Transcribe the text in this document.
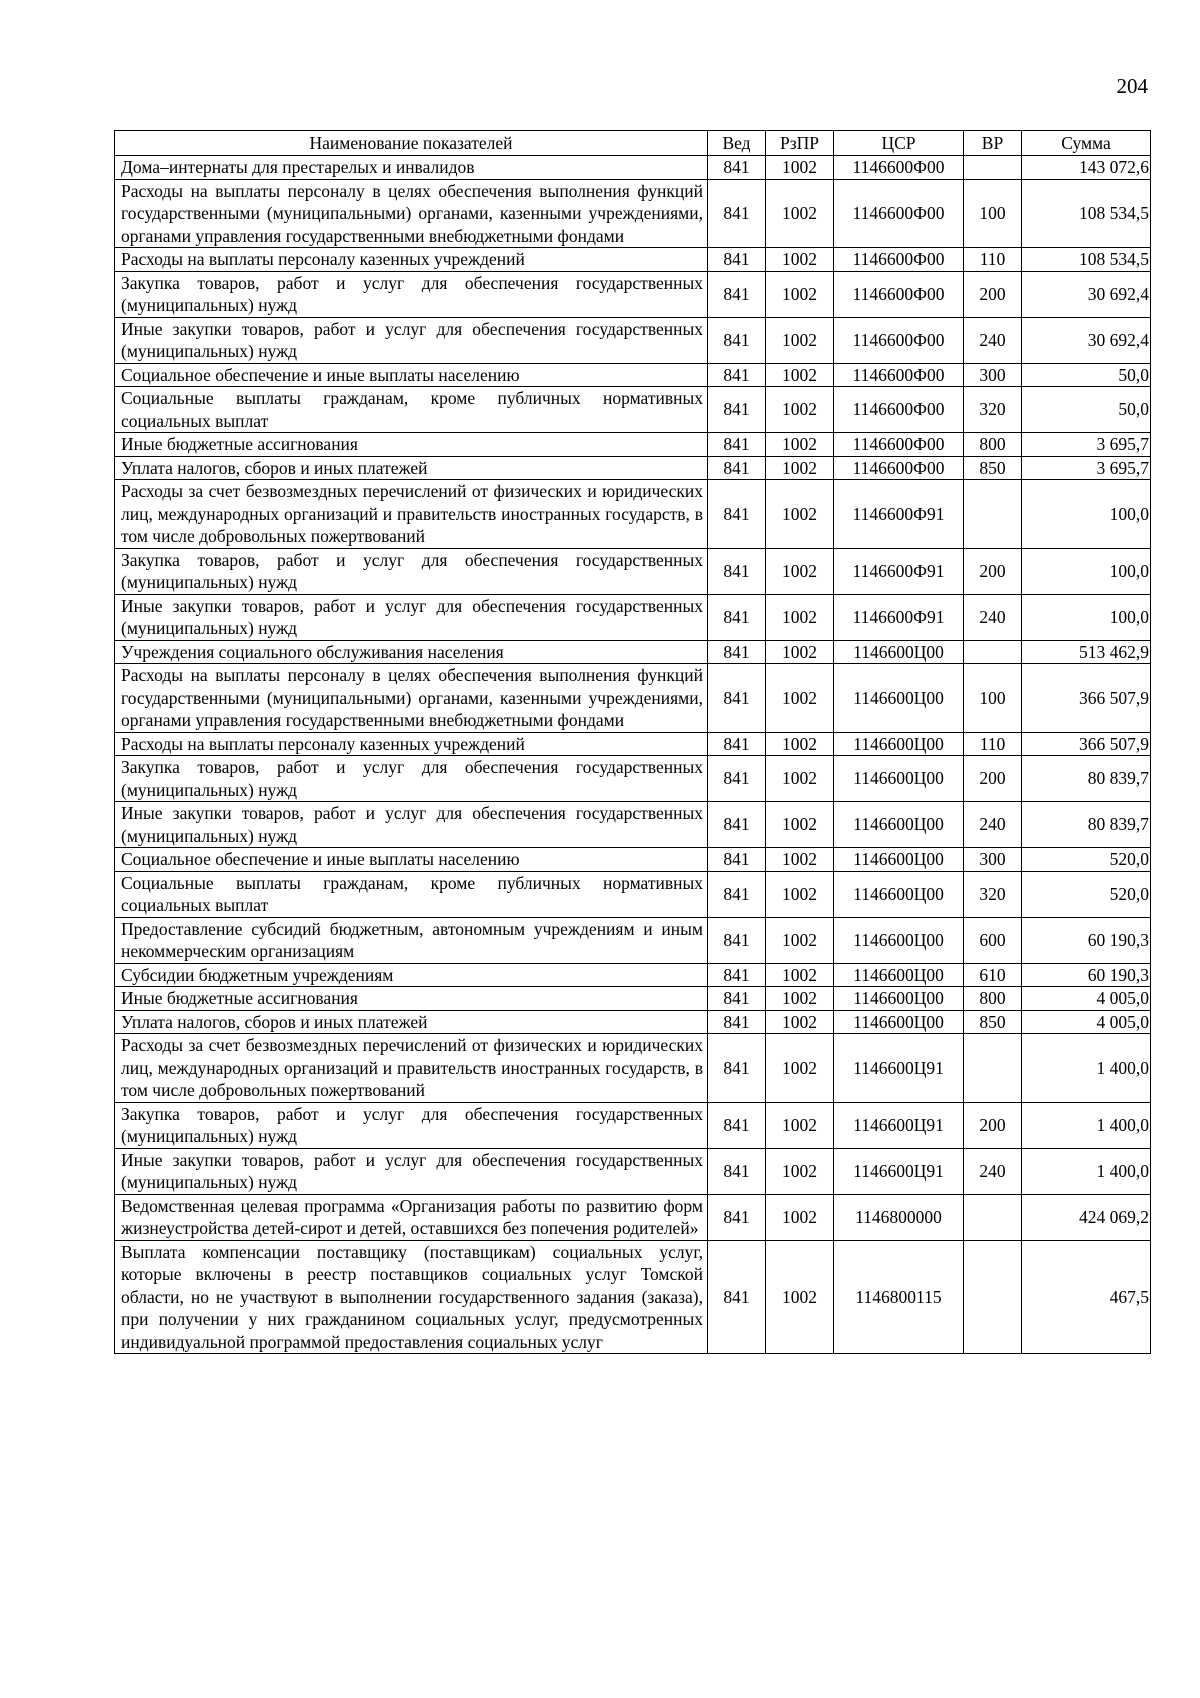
204
Наименование показателей	Вед	РзПР	ЦСР	ВР	Сумма
Дома–интернаты для престарелых и инвалидов	841	1002	1146600Ф00		143 072,6
Расходы на выплаты персоналу в целях обеспечения выполнения функций государственными (муниципальными) органами, казенными учреждениями, органами управления государственными внебюджетными фондами	841	1002	1146600Ф00	100	108 534,5
Расходы на выплаты персоналу казенных учреждений	841	1002	1146600Ф00	110	108 534,5
Закупка товаров, работ и услуг для обеспечения государственных (муниципальных) нужд	841	1002	1146600Ф00	200	30 692,4
Иные закупки товаров, работ и услуг для обеспечения государственных (муниципальных) нужд	841	1002	1146600Ф00	240	30 692,4
Социальное обеспечение и иные выплаты населению	841	1002	1146600Ф00	300	50,0
Социальные выплаты гражданам, кроме публичных нормативных социальных выплат	841	1002	1146600Ф00	320	50,0
Иные бюджетные ассигнования	841	1002	1146600Ф00	800	3 695,7
Уплата налогов, сборов и иных платежей	841	1002	1146600Ф00	850	3 695,7
Расходы за счет безвозмездных перечислений от физических и юридических лиц, международных организаций и правительств иностранных государств, в том числе добровольных пожертвований	841	1002	1146600Ф91		100,0
Закупка товаров, работ и услуг для обеспечения государственных (муниципальных) нужд	841	1002	1146600Ф91	200	100,0
Иные закупки товаров, работ и услуг для обеспечения государственных (муниципальных) нужд	841	1002	1146600Ф91	240	100,0
Учреждения социального обслуживания населения	841	1002	1146600Ц00		513 462,9
Расходы на выплаты персоналу в целях обеспечения выполнения функций государственными (муниципальными) органами, казенными учреждениями, органами управления государственными внебюджетными фондами	841	1002	1146600Ц00	100	366 507,9
Расходы на выплаты персоналу казенных учреждений	841	1002	1146600Ц00	110	366 507,9
Закупка товаров, работ и услуг для обеспечения государственных (муниципальных) нужд	841	1002	1146600Ц00	200	80 839,7
Иные закупки товаров, работ и услуг для обеспечения государственных (муниципальных) нужд	841	1002	1146600Ц00	240	80 839,7
Социальное обеспечение и иные выплаты населению	841	1002	1146600Ц00	300	520,0
Социальные выплаты гражданам, кроме публичных нормативных социальных выплат	841	1002	1146600Ц00	320	520,0
Предоставление субсидий бюджетным, автономным учреждениям и иным некоммерческим организациям	841	1002	1146600Ц00	600	60 190,3
Субсидии бюджетным учреждениям	841	1002	1146600Ц00	610	60 190,3
Иные бюджетные ассигнования	841	1002	1146600Ц00	800	4 005,0
Уплата налогов, сборов и иных платежей	841	1002	1146600Ц00	850	4 005,0
Расходы за счет безвозмездных перечислений от физических и юридических лиц, международных организаций и правительств иностранных государств, в том числе добровольных пожертвований	841	1002	1146600Ц91		1 400,0
Закупка товаров, работ и услуг для обеспечения государственных (муниципальных) нужд	841	1002	1146600Ц91	200	1 400,0
Иные закупки товаров, работ и услуг для обеспечения государственных (муниципальных) нужд	841	1002	1146600Ц91	240	1 400,0
Ведомственная целевая программа «Организация работы по развитию форм жизнеустройства детей-сирот и детей, оставшихся без попечения родителей»	841	1002	1146800000		424 069,2
Выплата компенсации поставщику (поставщикам) социальных услуг, которые включены в реестр поставщиков социальных услуг Томской области, но не участвуют в выполнении государственного задания (заказа), при получении у них гражданином социальных услуг, предусмотренных индивидуальной программой предоставления социальных услуг	841	1002	1146800115		467,5
